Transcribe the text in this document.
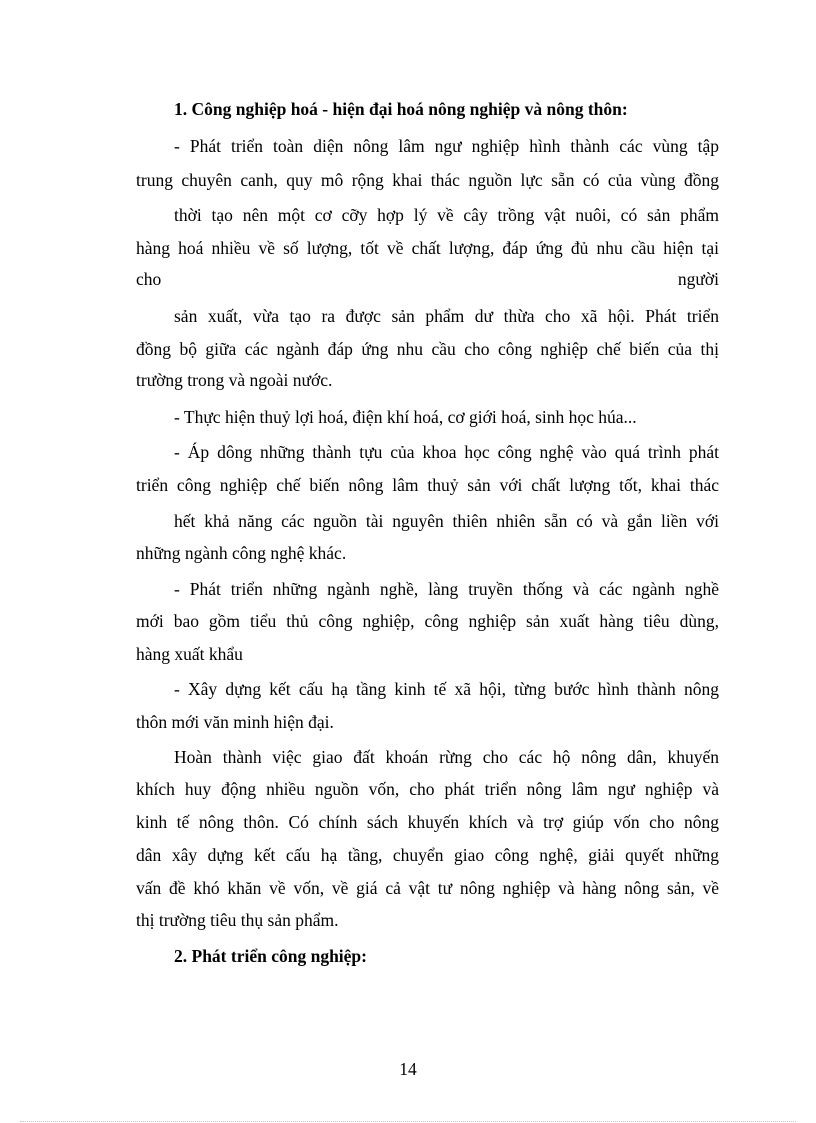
1. Công nghiệp hoá - hiện đại hoá nông nghiệp và nông thôn:
- Phát triển toàn diện nông lâm ngư nghiệp hình thành các vùng tập
trung chuyên canh, quy mô rộng khai thác nguồn lực sẵn có của vùng đồng
thời tạo nên một cơ cỡy hợp lý về cây trồng vật nuôi, có sản phẩm
hàng hoá nhiều về số lượng, tốt về chất lượng, đáp ứng đủ nhu cầu hiện tại
cho	người
sản xuất, vừa tạo ra được sản phẩm dư thừa cho xã hội. Phát triển
đồng bộ giữa các ngành đáp ứng nhu cầu cho công nghiệp chế biến của thị
trường trong và ngoài nước.
- Thực hiện thuỷ lợi hoá, điện khí hoá, cơ giới hoá, sinh học húa...
- Áp dông những thành tựu của khoa học công nghệ vào quá trình phát
triển công nghiệp chế biến nông lâm thuỷ sản với chất lượng tốt, khai thác
hết khả năng các nguồn tài nguyên thiên nhiên sẵn có và gắn liền với
những ngành công nghệ khác.
- Phát triển những ngành nghề, làng truyền thống và các ngành nghề
mới bao gồm tiểu thủ công nghiệp, công nghiệp sản xuất hàng tiêu dùng,
hàng xuất khẩu
- Xây dựng kết cấu hạ tầng kinh tế xã hội, từng bước hình thành nông
thôn mới văn minh hiện đại.
Hoàn thành việc giao đất khoán rừng cho các hộ nông dân, khuyến
khích huy động nhiều nguồn vốn, cho phát triển nông lâm ngư nghiệp và
kinh tế nông thôn. Có chính sách khuyến khích và trợ giúp vốn cho nông
dân xây dựng kết cấu hạ tầng, chuyển giao công nghệ, giải quyết những
vấn đề khó khăn về vốn, về giá cả vật tư nông nghiệp và hàng nông sản, về
thị trường tiêu thụ sản phẩm.
2. Phát triển công nghiệp:
14
